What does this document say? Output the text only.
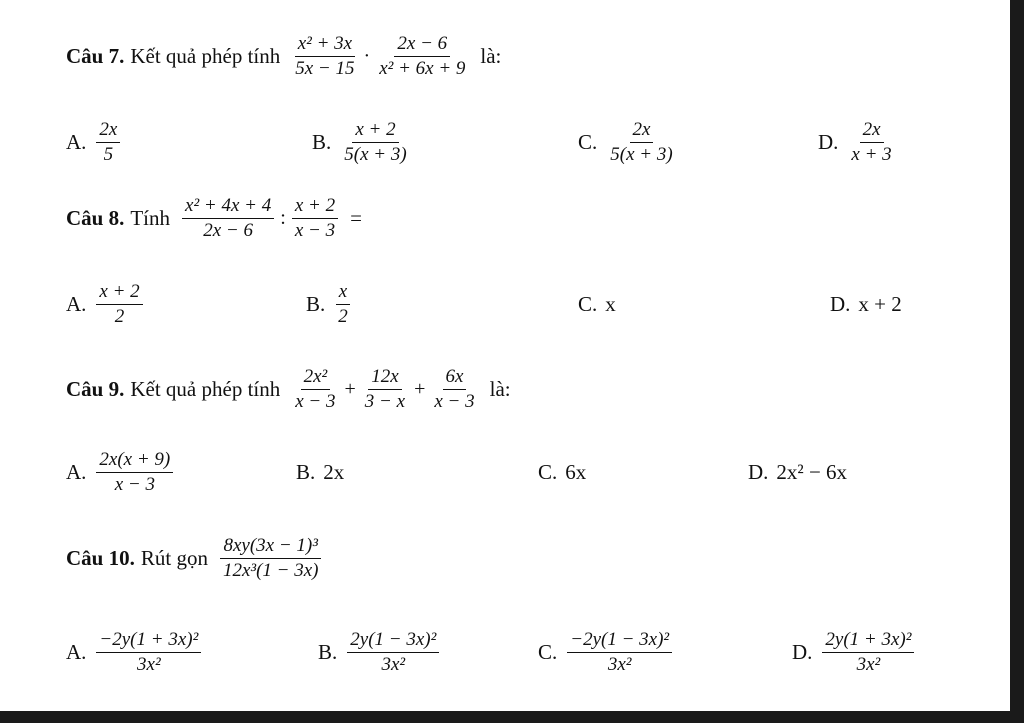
Câu 7. Kết quả phép tính $\frac{\text{x² + 3x}}{5x - 15} \cdot \frac{2x - 6}{\text{x² + 6x + 9}}$ là:
A. $\frac{2x}{5}$	B. $\frac{x + 2}{5(x + 3)}$	C. $\frac{2x}{5(x + 3)}$	D. $\frac{2x}{x + 3}$
Câu 8. Tính $\frac{\text{x² + 4x + 4}}{2x - 6}$ : $\frac{x + 2}{x - 3}$ =
A. $\frac{x + 2}{2}$	B. $\frac{x}{2}$	C. x	D. x + 2
Câu 9. Kết quả phép tính $\frac{\text{2x²}}{x - 3} + \frac{12x}{3 - x} + \frac{6x}{x - 3}$ là:
A. $\frac{2x(x + 9)}{x - 3}$	B. 2x	C. 6x	D. 2x² − 6x
Câu 10. Rút gọn $\frac{\text{8xy(3x − 1)³}}{\text{12x³(1 − 3x)}}$
A. $\frac{\text{−2y(1 + 3x)²}}{\text{3x²}}$	B. $\frac{\text{2y(1 − 3x)²}}{\text{3x²}}$	C. $\frac{\text{−2y(1 − 3x)²}}{\text{3x²}}$	D. $\frac{\text{2y(1 + 3x)²}}{\text{3x²}}$
